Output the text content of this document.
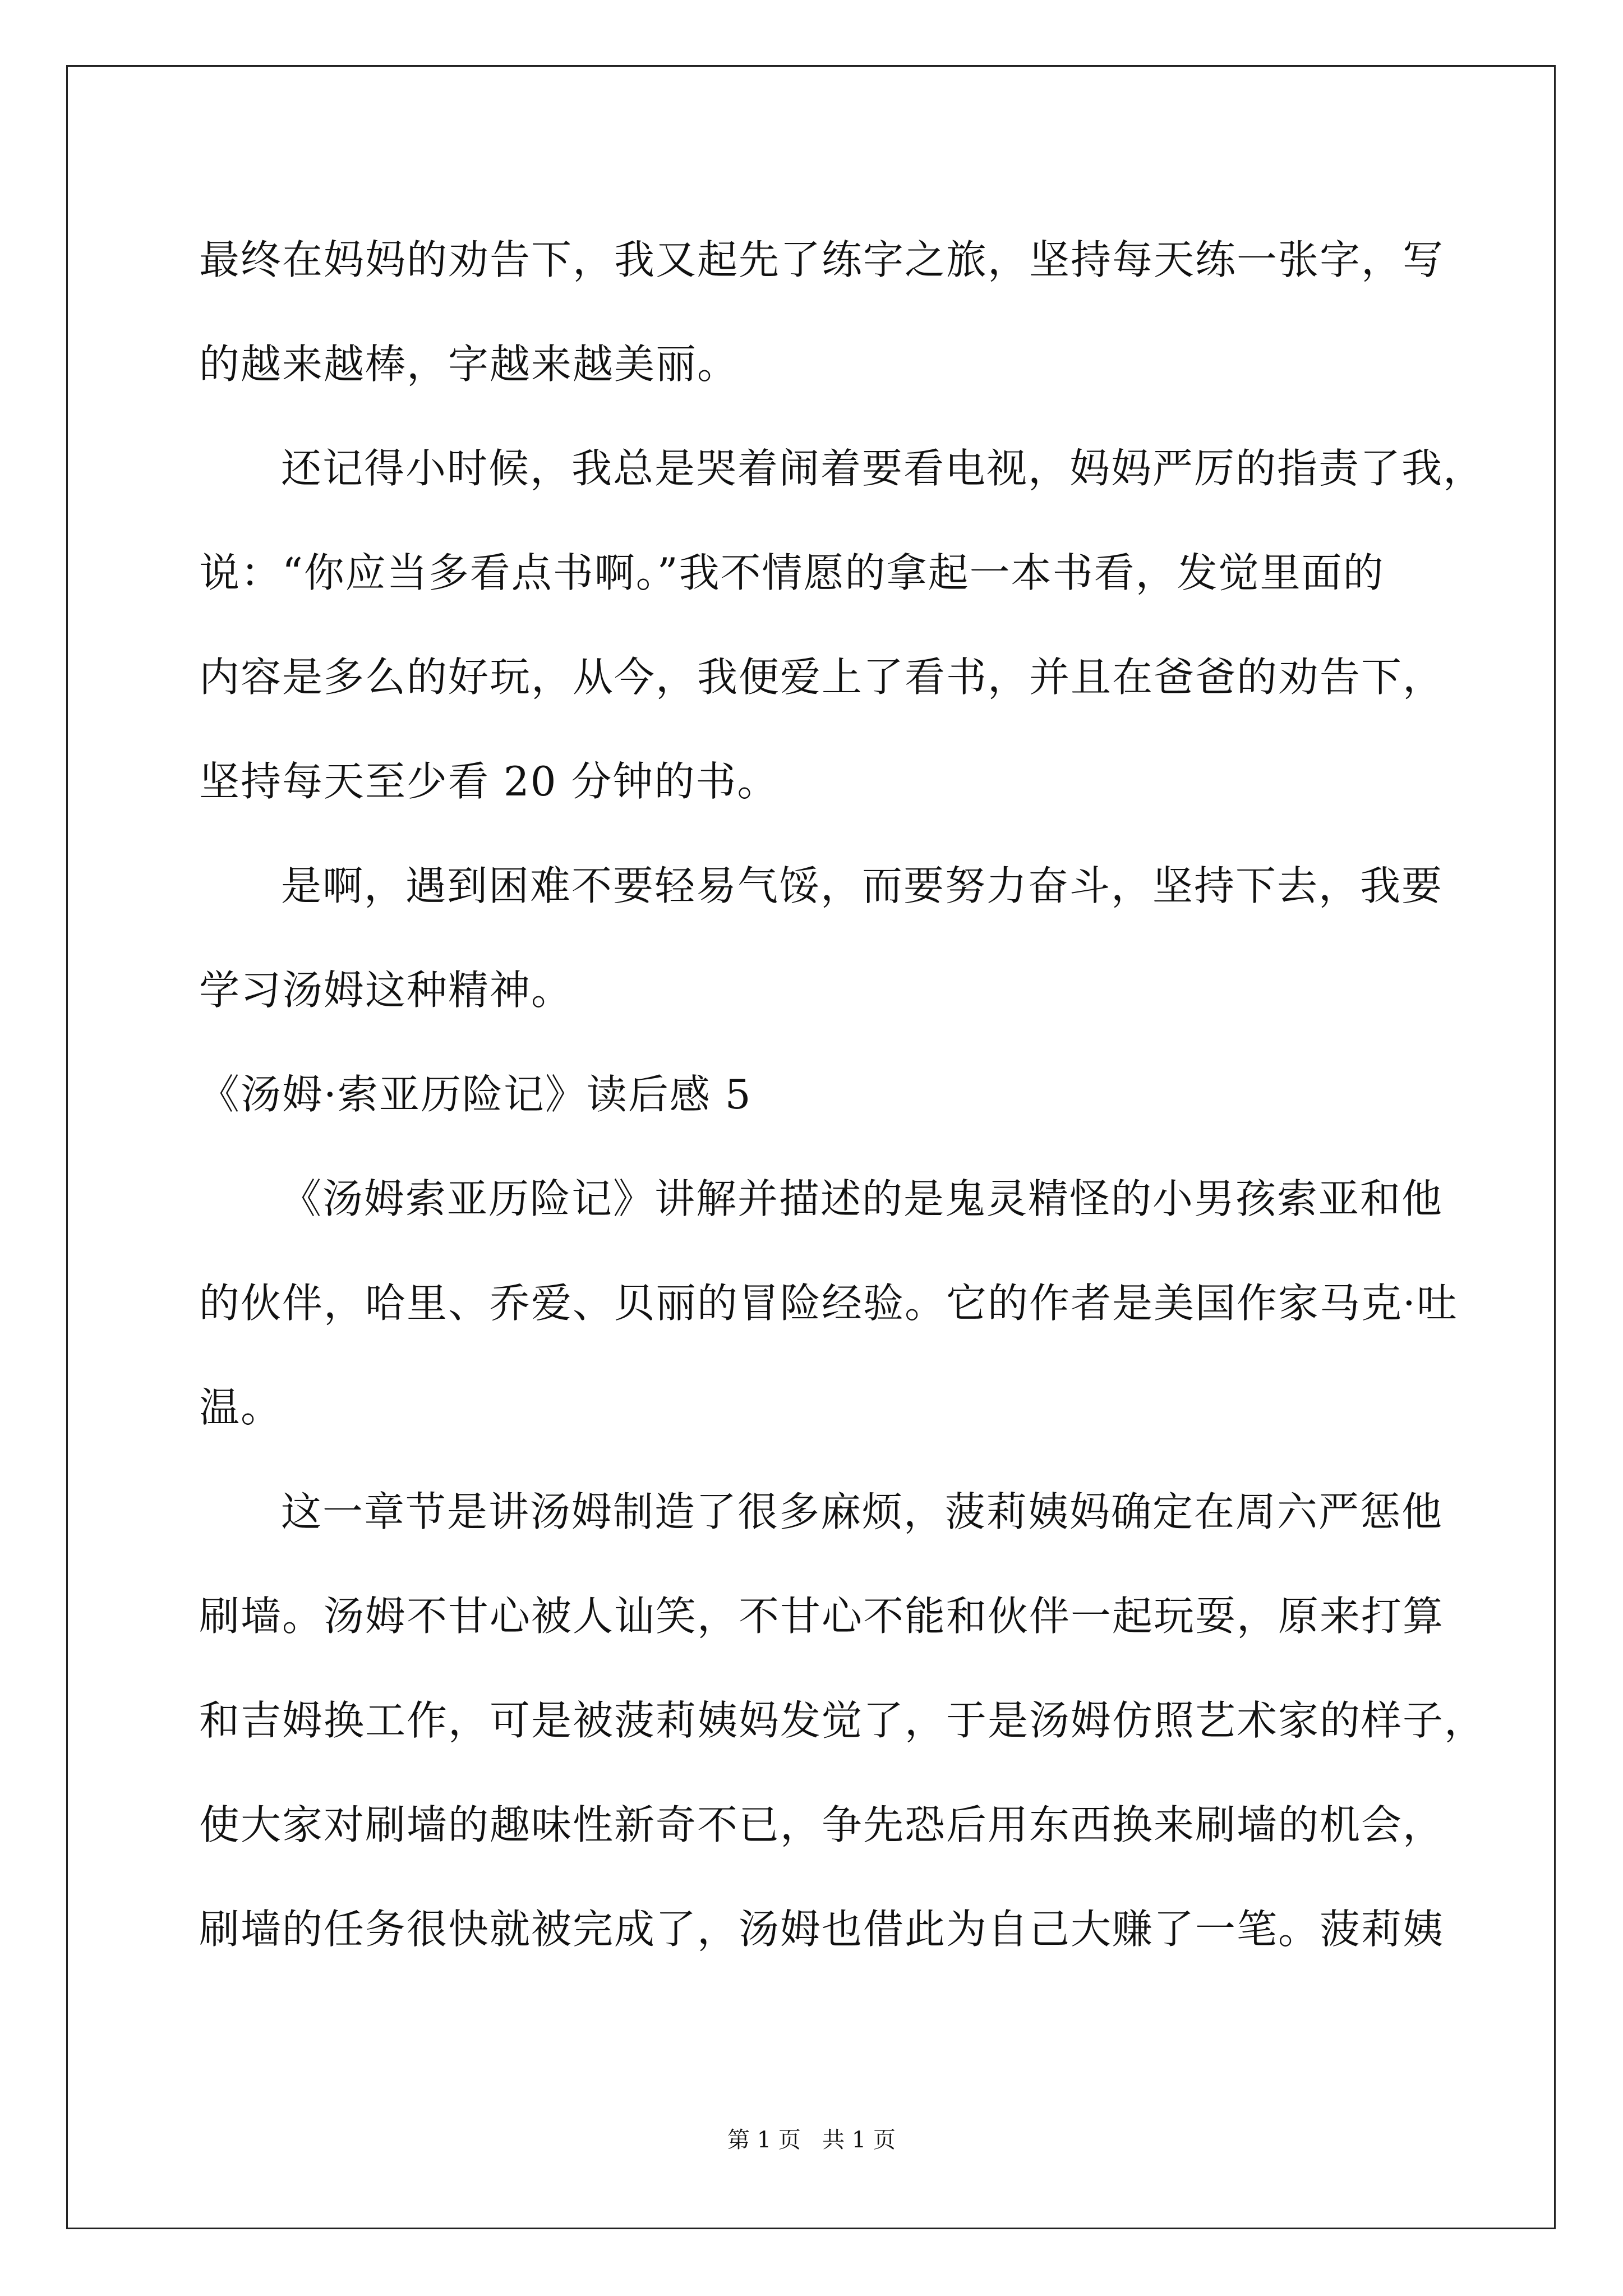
最终在妈妈的劝告下，我又起先了练字之旅，坚持每天练一张字，写
的越来越棒，字越来越美丽。
还记得小时候，我总是哭着闹着要看电视，妈妈严厉的指责了我，
说：“你应当多看点书啊。”我不情愿的拿起一本书看，发觉里面的
内容是多么的好玩，从今，我便爱上了看书，并且在爸爸的劝告下，
坚持每天至少看 20 分钟的书。
是啊，遇到困难不要轻易气馁，而要努力奋斗，坚持下去，我要
学习汤姆这种精神。
《汤姆·索亚历险记》读后感 5
《汤姆索亚历险记》讲解并描述的是鬼灵精怪的小男孩索亚和他
的伙伴，哈里、乔爱、贝丽的冒险经验。它的作者是美国作家马克·吐
温。
这一章节是讲汤姆制造了很多麻烦，菠莉姨妈确定在周六严惩他
刷墙。汤姆不甘心被人讪笑，不甘心不能和伙伴一起玩耍，原来打算
和吉姆换工作，可是被菠莉姨妈发觉了，于是汤姆仿照艺术家的样子，
使大家对刷墙的趣味性新奇不已，争先恐后用东西换来刷墙的机会，
刷墙的任务很快就被完成了，汤姆也借此为自己大赚了一笔。菠莉姨
第 1 页   共 1 页
